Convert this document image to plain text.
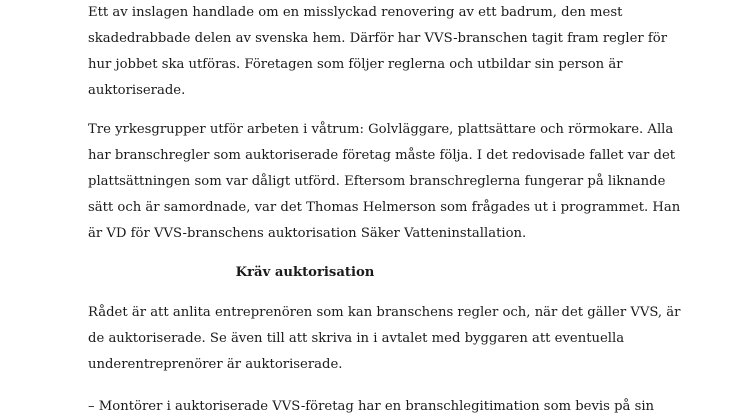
Ett av inslagen handlade om en misslyckad renovering av ett badrum, den mest
skadedrabbade delen av svenska hem. Därför har VVS-branschen tagit fram regler för
hur jobbet ska utföras. Företagen som följer reglerna och utbildar sin person är
auktoriserade.

Tre yrkesgrupper utför arbeten i våtrum: Golvläggare, plattsättare och rörmokare. Alla
har branschregler som auktoriserade företag måste följa. I det redovisade fallet var det
plattsättningen som var dåligt utförd. Eftersom branschreglerna fungerar på liknande
sätt och är samordnade, var det Thomas Helmerson som frågades ut i programmet. Han
är VD för VVS-branschens auktorisation Säker Vatteninstallation.

Kräv auktorisation

Rådet är att anlita entreprenören som kan branschens regler och, när det gäller VVS, är
de auktoriserade. Se även till att skriva in i avtalet med byggaren att eventuella
underentreprenörer är auktoriserade.

– Montörer i auktoriserade VVS-företag har en branschlegitimation som bevis på sin
